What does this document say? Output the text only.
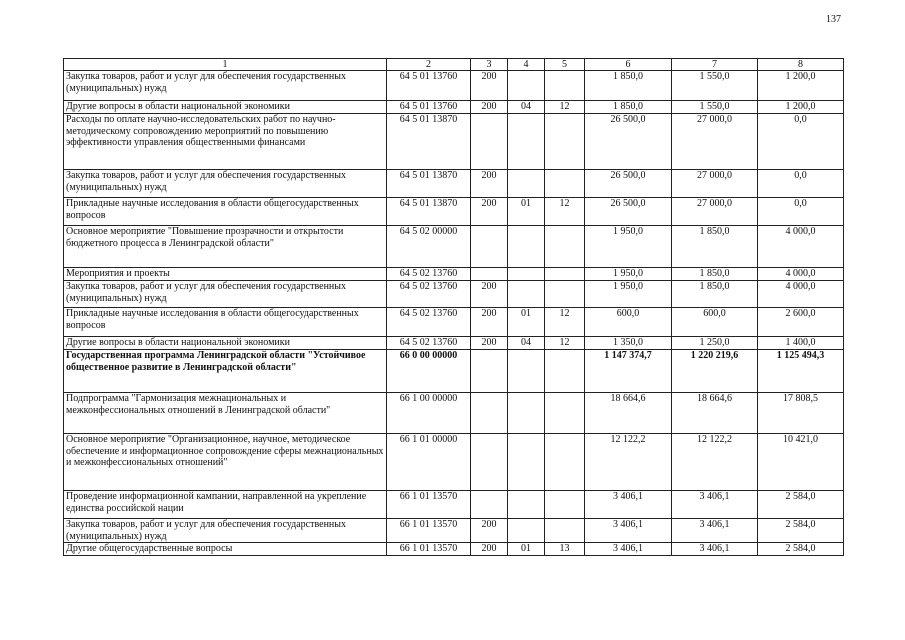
137
1	2	3	4	5	6	7	8
Закупка товаров, работ и услуг для обеспечения государственных (муниципальных) нужд	64 5 01 13760	200			1 850,0	1 550,0	1 200,0
Другие вопросы в области национальной экономики	64 5 01 13760	200	04	12	1 850,0	1 550,0	1 200,0
Расходы по оплате научно-исследовательских работ по научно-методическому сопровождению мероприятий по повышению эффективности управления общественными финансами	64 5 01 13870				26 500,0	27 000,0	0,0
Закупка товаров, работ и услуг для обеспечения государственных (муниципальных) нужд	64 5 01 13870	200			26 500,0	27 000,0	0,0
Прикладные научные исследования в области общегосударственных вопросов	64 5 01 13870	200	01	12	26 500,0	27 000,0	0,0
Основное мероприятие "Повышение прозрачности и открытости бюджетного процесса в Ленинградской области"	64 5 02 00000				1 950,0	1 850,0	4 000,0
Мероприятия и проекты	64 5 02 13760				1 950,0	1 850,0	4 000,0
Закупка товаров, работ и услуг для обеспечения государственных (муниципальных) нужд	64 5 02 13760	200			1 950,0	1 850,0	4 000,0
Прикладные научные исследования в области общегосударственных вопросов	64 5 02 13760	200	01	12	600,0	600,0	2 600,0
Другие вопросы в области национальной экономики	64 5 02 13760	200	04	12	1 350,0	1 250,0	1 400,0
Государственная программа Ленинградской области "Устойчивое общественное развитие в Ленинградской области"	66 0 00 00000				1 147 374,7	1 220 219,6	1 125 494,3
Подпрограмма "Гармонизация межнациональных и межконфессиональных отношений в Ленинградской области"	66 1 00 00000				18 664,6	18 664,6	17 808,5
Основное мероприятие "Организационное, научное, методическое обеспечение и информационное сопровождение сферы межнациональных и межконфессиональных отношений"	66 1 01 00000				12 122,2	12 122,2	10 421,0
Проведение информационной кампании, направленной на укрепление единства российской нации	66 1 01 13570				3 406,1	3 406,1	2 584,0
Закупка товаров, работ и услуг для обеспечения государственных (муниципальных) нужд	66 1 01 13570	200			3 406,1	3 406,1	2 584,0
Другие общегосударственные вопросы	66 1 01 13570	200	01	13	3 406,1	3 406,1	2 584,0
